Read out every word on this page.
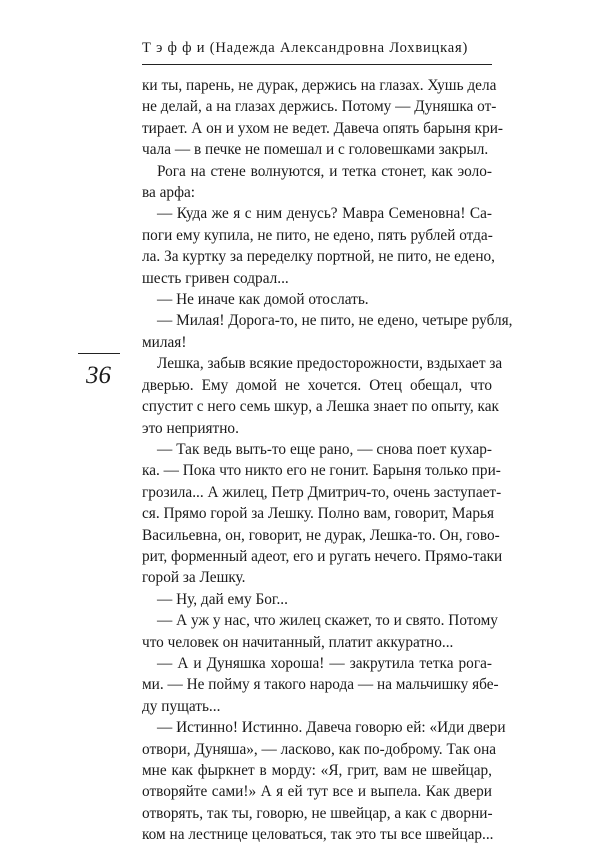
Т э ф ф и (Надежда Александровна Лохвицкая)
36
ки ты, парень, не дурак, держись на глазах. Хушь дела
не делай, а на глазах держись. Потому — Дуняшка от-
тирает. А он и ухом не ведет. Давеча опять барыня кри-
чала — в печке не помешал и с головешками закрыл.
Рога на стене волнуются, и тетка стонет, как эоло-
ва арфа:
— Куда же я с ним денусь? Мавра Семеновна! Са-
поги ему купила, не пито, не едено, пять рублей отда-
ла. За куртку за переделку портной, не пито, не едено,
шесть гривен содрал...
— Не иначе как домой отослать.
— Милая! Дорога-то, не пито, не едено, четыре рубля,
милая!
Лешка, забыв всякие предосторожности, вздыхает за
дверью. Ему домой не хочется. Отец обещал, что
спустит с него семь шкур, а Лешка знает по опыту, как
это неприятно.
— Так ведь выть-то еще рано, — снова поет кухар-
ка. — Пока что никто его не гонит. Барыня только при-
грозила... А жилец, Петр Дмитрич-то, очень заступает-
ся. Прямо горой за Лешку. Полно вам, говорит, Марья
Васильевна, он, говорит, не дурак, Лешка-то. Он, гово-
рит, форменный адеот, его и ругать нечего. Прямо-таки
горой за Лешку.
— Ну, дай ему Бог...
— А уж у нас, что жилец скажет, то и свято. Потому
что человек он начитанный, платит аккуратно...
— А и Дуняшка хороша! — закрутила тетка рога-
ми. — Не пойму я такого народа — на мальчишку ябе-
ду пущать...
— Истинно! Истинно. Давеча говорю ей: «Иди двери
отвори, Дуняша», — ласково, как по-доброму. Так она
мне как фыркнет в морду: «Я, грит, вам не швейцар,
отворяйте сами!» А я ей тут все и выпела. Как двери
отворять, так ты, говорю, не швейцар, а как с дворни-
ком на лестнице целоваться, так это ты все швейцар...
